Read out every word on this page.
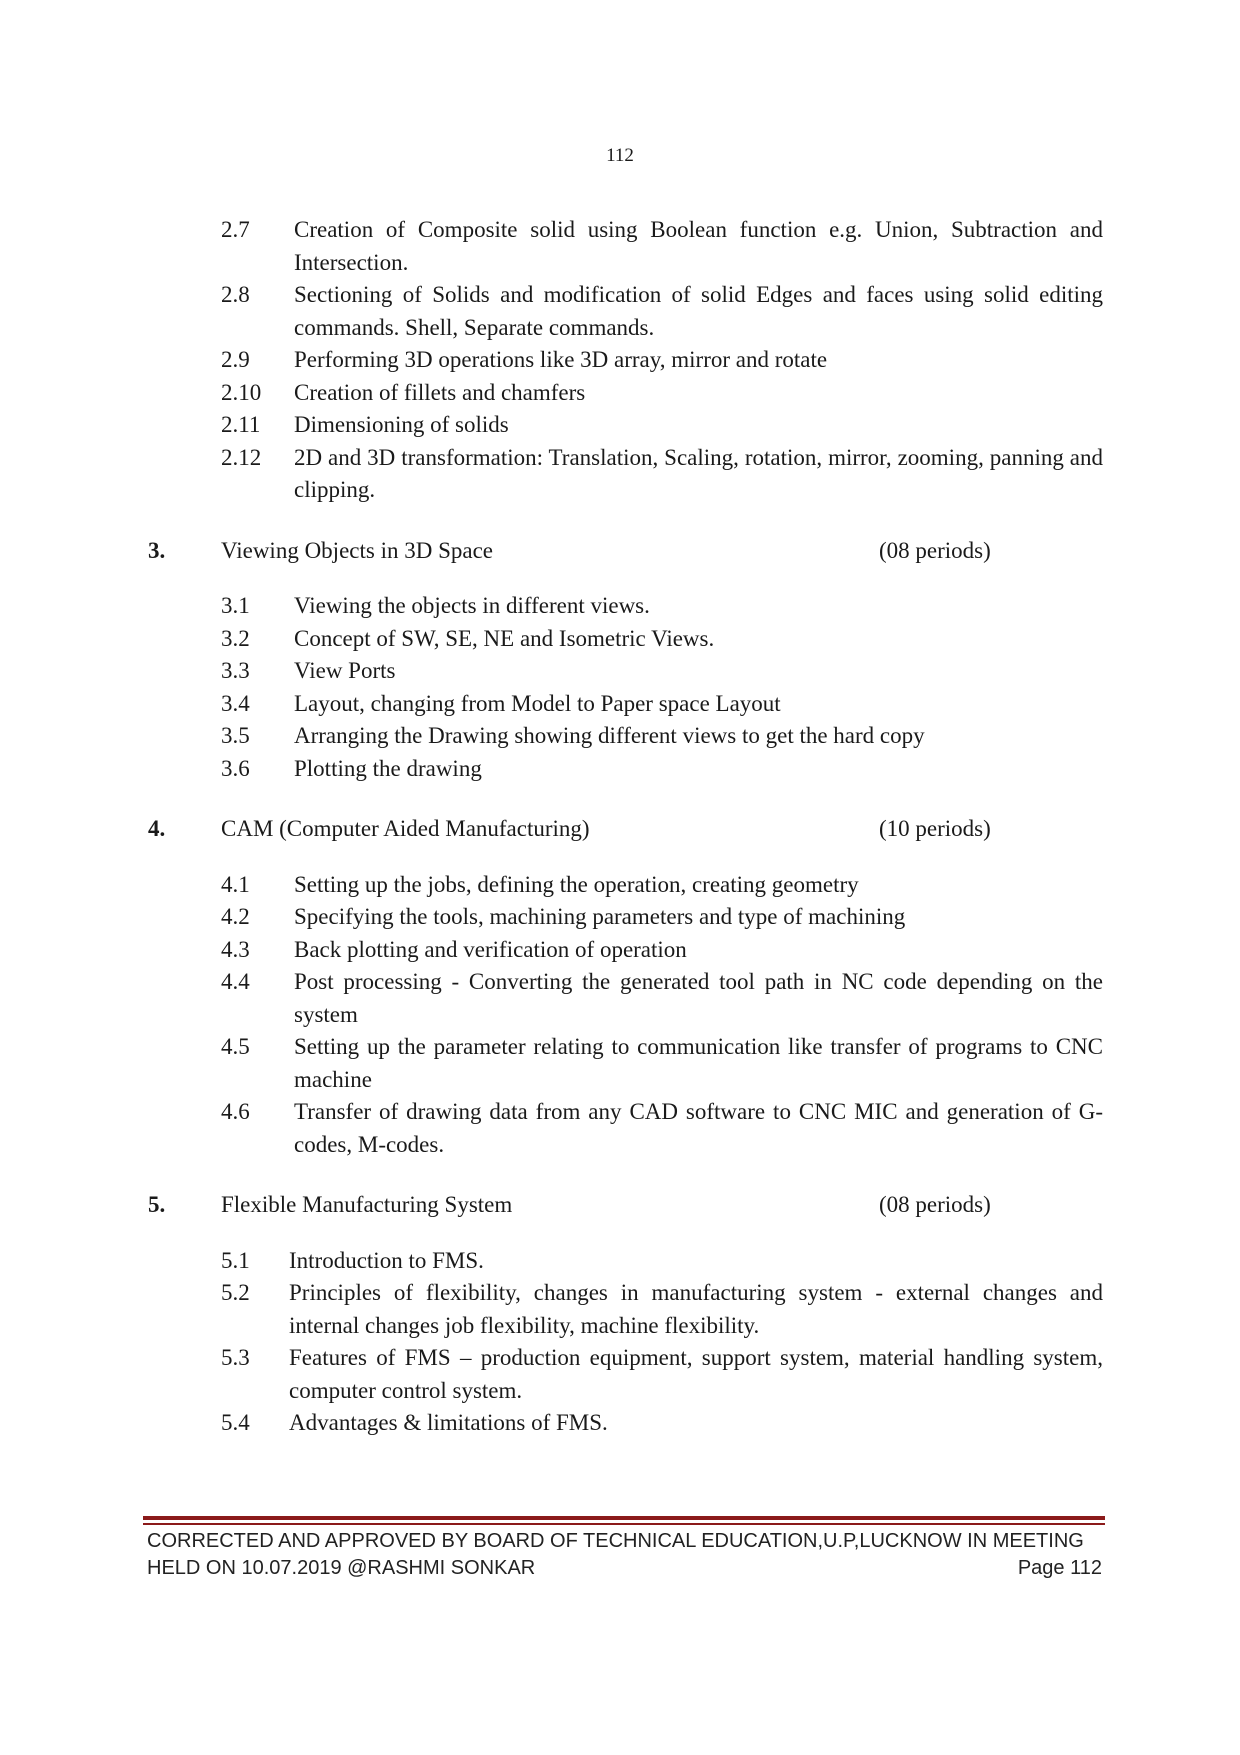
112
2.7	Creation of Composite solid using Boolean function e.g. Union, Subtraction and Intersection.
2.8	Sectioning of Solids and modification of solid Edges and faces using solid editing commands. Shell, Separate commands.
2.9	Performing 3D operations like 3D array, mirror and rotate
2.10	Creation of fillets and chamfers
2.11	Dimensioning of solids
2.12	2D and 3D transformation: Translation, Scaling, rotation, mirror, zooming, panning and clipping.
3.	Viewing Objects in 3D Space	(08 periods)
3.1	Viewing the objects in different views.
3.2	Concept of SW, SE, NE and Isometric Views.
3.3	View Ports
3.4	Layout, changing from Model to Paper space Layout
3.5	Arranging the Drawing showing different views to get the hard copy
3.6	Plotting the drawing
4.	CAM (Computer Aided Manufacturing)	(10 periods)
4.1	Setting up the jobs, defining the operation, creating geometry
4.2	Specifying the tools, machining parameters and type of machining
4.3	Back plotting and verification of operation
4.4	Post processing - Converting the generated tool path in NC code depending on the system
4.5	Setting up the parameter relating to communication like transfer of programs to CNC machine
4.6	Transfer of drawing data from any CAD software to CNC MIC and generation of G-codes, M-codes.
5.	Flexible Manufacturing System	(08 periods)
5.1	Introduction to FMS.
5.2	Principles of flexibility, changes in manufacturing system - external changes and internal changes job flexibility, machine flexibility.
5.3	Features of FMS – production equipment, support system, material handling system, computer control system.
5.4	Advantages & limitations of FMS.
CORRECTED AND APPROVED BY BOARD OF TECHNICAL EDUCATION,U.P,LUCKNOW IN MEETING
HELD ON 10.07.2019 @RASHMI SONKAR	Page 112
